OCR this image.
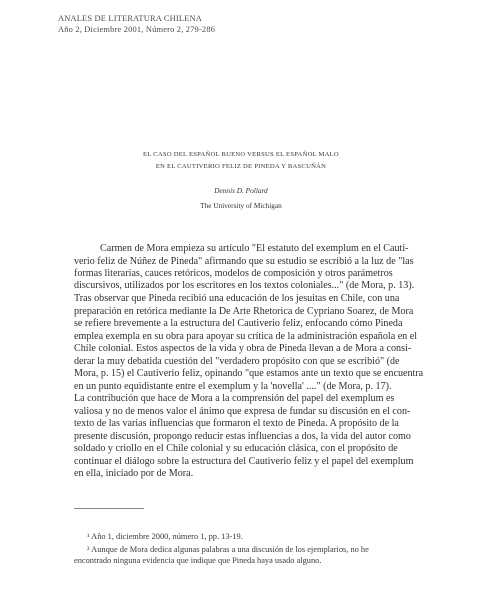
ANALES DE LITERATURA CHILENA
Año 2, Diciembre 2001, Número 2, 279-286
EL CASO DEL ESPAÑOL BUENO VERSUS EL ESPAÑOL MALO
EN EL CAUTIVERIO FELIZ DE PINEDA Y BASCUÑÁN
Dennis D. Pollard
The University of Michigan
Carmen de Mora empieza su artículo "El estatuto del exemplum en el Cauti-
verio feliz de Núñez de Pineda" afirmando que su estudio se escribió a la luz de "las
formas literarias, cauces retóricos, modelos de composición y otros parámetros
discursivos, utilizados por los escritores en los textos coloniales..." (de Mora, p. 13).
Tras observar que Pineda recibió una educación de los jesuitas en Chile, con una
preparación en retórica mediante la De Arte Rhetorica de Cypriano Soarez, de Mora
se refiere brevemente a la estructura del Cautiverio feliz, enfocando cómo Pineda
emplea exempla en su obra para apoyar su crítica de la administración española en el
Chile colonial. Estos aspectos de la vida y obra de Pineda llevan a de Mora a consi-
derar la muy debatida cuestión del "verdadero propósito con que se escribió" (de
Mora, p. 15) el Cautiverio feliz, opinando "que estamos ante un texto que se encuentra
en un punto equidistante entre el exemplum y la 'novella' ...." (de Mora, p. 17).
La contribución que hace de Mora a la comprensión del papel del exemplum es
valiosa y no de menos valor el ánimo que expresa de fundar su discusión en el con-
texto de las varias influencias que formaron el texto de Pineda. A propósito de la
presente discusión, propongo reducir estas influencias a dos, la vida del autor como
soldado y criollo en el Chile colonial y su educación clásica, con el propósito de
continuar el diálogo sobre la estructura del Cautiverio feliz y el papel del exemplum
en ella, iniciado por de Mora.
¹ Año 1, diciembre 2000, número 1, pp. 13-19.
² Aunque de Mora dedica algunas palabras a una discusión de los ejemplarios, no he
encontrado ninguna evidencia que indique que Pineda haya usado alguno.
